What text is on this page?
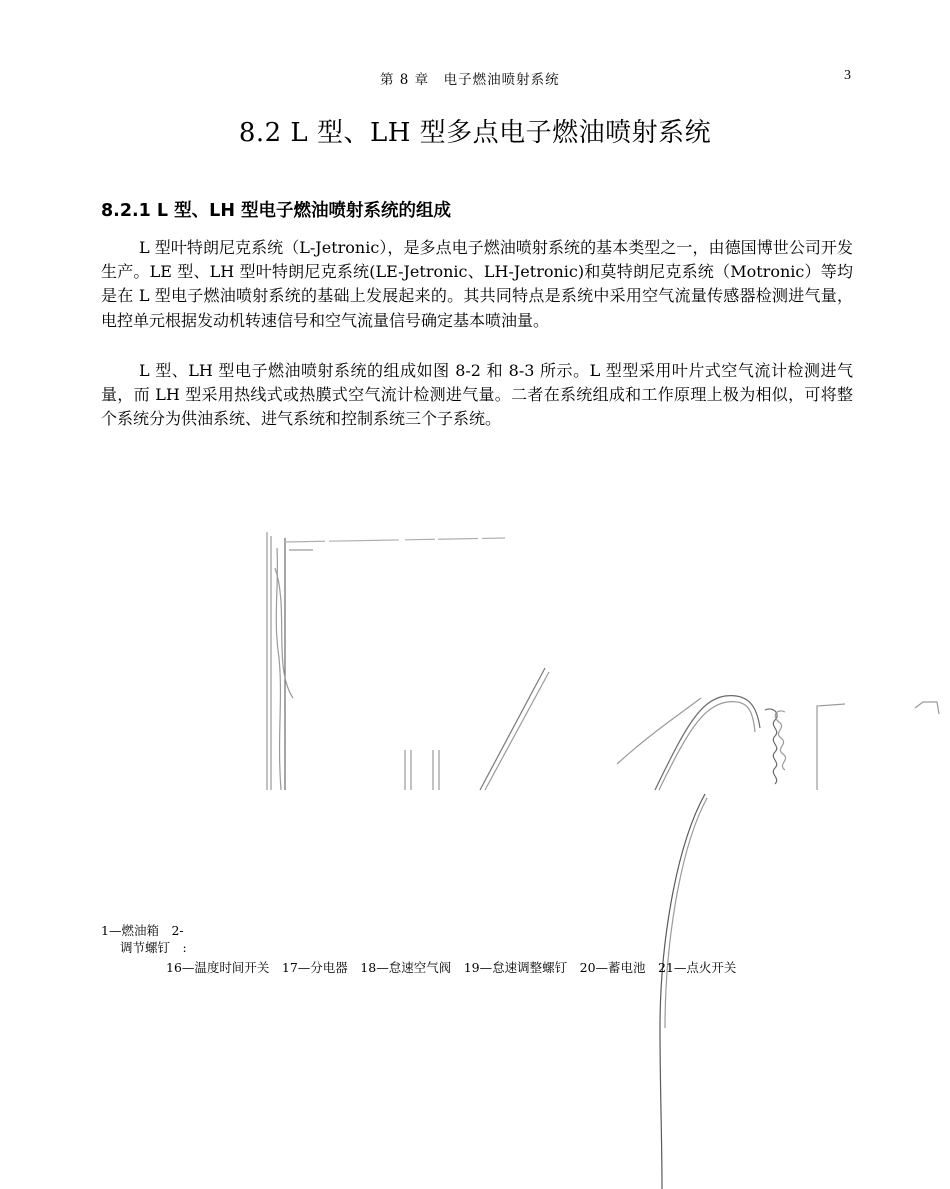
第 8 章　电子燃油喷射系统	3
8.2 L 型、LH 型多点电子燃油喷射系统
8.2.1 L 型、LH 型电子燃油喷射系统的组成

L 型叶特朗尼克系统（L-Jetronic），是多点电子燃油喷射系统的基本类型之一，由德国博世公司开发生产。LE 型、LH 型叶特朗尼克系统(LE-Jetronic、LH-Jetronic)和莫特朗尼克系统（Motronic）等均是在 L 型电子燃油喷射系统的基础上发展起来的。其共同特点是系统中采用空气流量传感器检测进气量，电控单元根据发动机转速信号和空气流量信号确定基本喷油量。

L 型、LH 型电子燃油喷射系统的组成如图 8-2 和 8-3 所示。L 型型采用叶片式空气流计检测进气量，而 LH 型采用热线式或热膜式空气流计检测进气量。二者在系统组成和工作原理上极为相似，可将整个系统分为供油系统、进气系统和控制系统三个子系统。

1—燃油箱　2-
调节螺钉　:
16—温度时间开关　17—分电器　18—怠速空气阀　19—怠速调整螺钉　20—蓄电池　21—点火开关
